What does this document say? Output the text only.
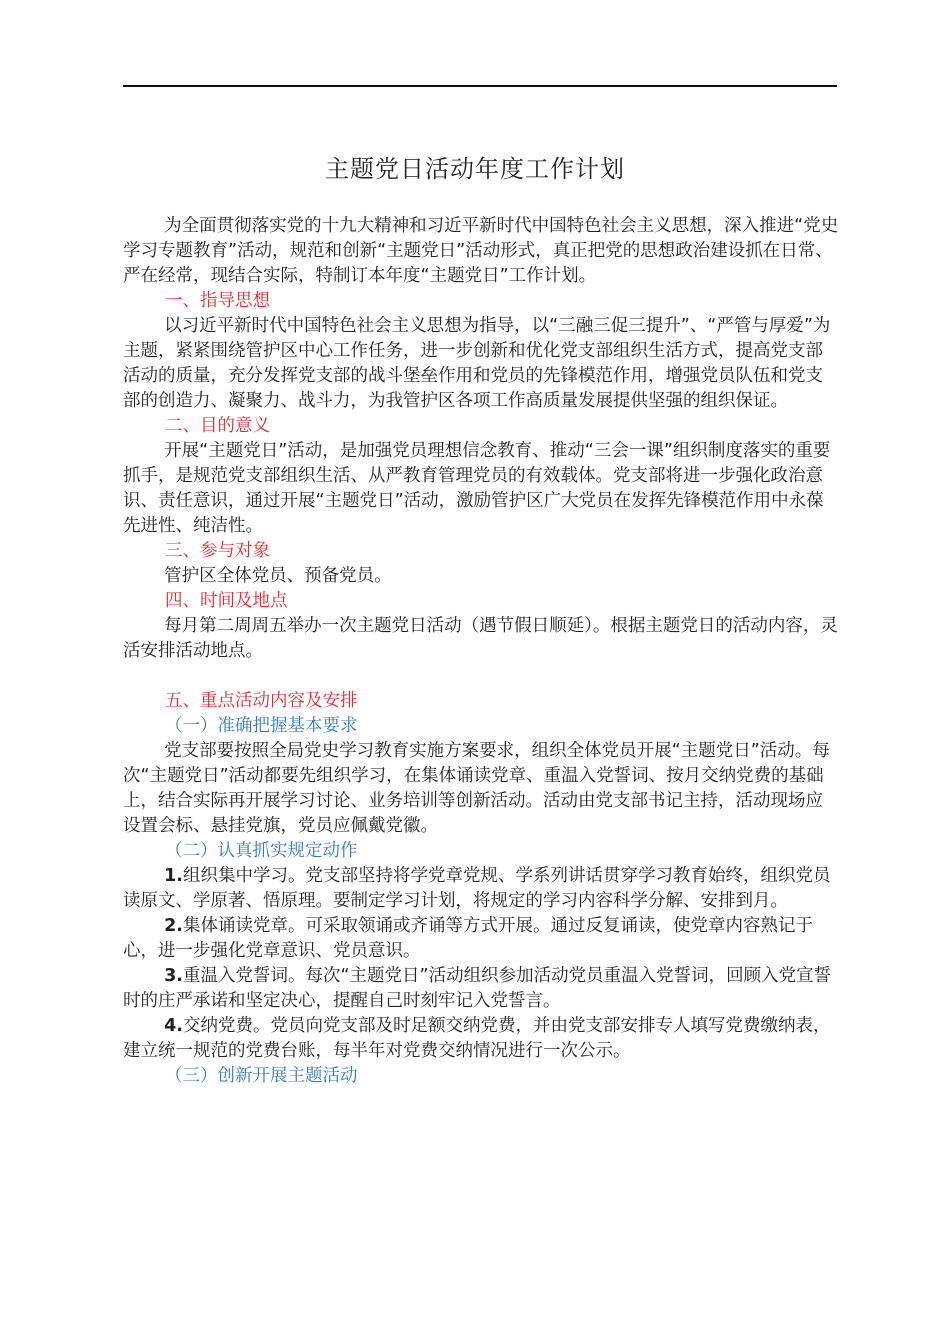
主题党日活动年度工作计划

为全面贯彻落实党的十九大精神和习近平新时代中国特色社会主义思想，深入推进“党史学习专题教育”活动，规范和创新“主题党日”活动形式，真正把党的思想政治建设抓在日常、严在经常，现结合实际，特制订本年度“主题党日”工作计划。

一、指导思想

以习近平新时代中国特色社会主义思想为指导，以“三融三促三提升”、“严管与厚爱”为主题，紧紧围绕管护区中心工作任务，进一步创新和优化党支部组织生活方式，提高党支部活动的质量，充分发挥党支部的战斗堡垒作用和党员的先锋模范作用，增强党员队伍和党支部的创造力、凝聚力、战斗力，为我管护区各项工作高质量发展提供坚强的组织保证。

二、目的意义

开展“主题党日”活动，是加强党员理想信念教育、推动“三会一课”组织制度落实的重要抓手，是规范党支部组织生活、从严教育管理党员的有效载体。党支部将进一步强化政治意识、责任意识，通过开展“主题党日”活动，激励管护区广大党员在发挥先锋模范作用中永葆先进性、纯洁性。

三、参与对象

管护区全体党员、预备党员。

四、时间及地点

每月第二周周五举办一次主题党日活动（遇节假日顺延）。根据主题党日的活动内容，灵活安排活动地点。

五、重点活动内容及安排

（一）准确把握基本要求

党支部要按照全局党史学习教育实施方案要求，组织全体党员开展“主题党日”活动。每次“主题党日”活动都要先组织学习，在集体诵读党章、重温入党誓词、按月交纳党费的基础上，结合实际再开展学习讨论、业务培训等创新活动。活动由党支部书记主持，活动现场应设置会标、悬挂党旗，党员应佩戴党徽。

（二）认真抓实规定动作

1.组织集中学习。党支部坚持将学党章党规、学系列讲话贯穿学习教育始终，组织党员读原文、学原著、悟原理。要制定学习计划，将规定的学习内容科学分解、安排到月。

2.集体诵读党章。可采取领诵或齐诵等方式开展。通过反复诵读，使党章内容熟记于心，进一步强化党章意识、党员意识。

3.重温入党誓词。每次“主题党日”活动组织参加活动党员重温入党誓词，回顾入党宣誓时的庄严承诺和坚定决心，提醒自己时刻牢记入党誓言。

4.交纳党费。党员向党支部及时足额交纳党费，并由党支部安排专人填写党费缴纳表，建立统一规范的党费台账，每半年对党费交纳情况进行一次公示。

（三）创新开展主题活动
